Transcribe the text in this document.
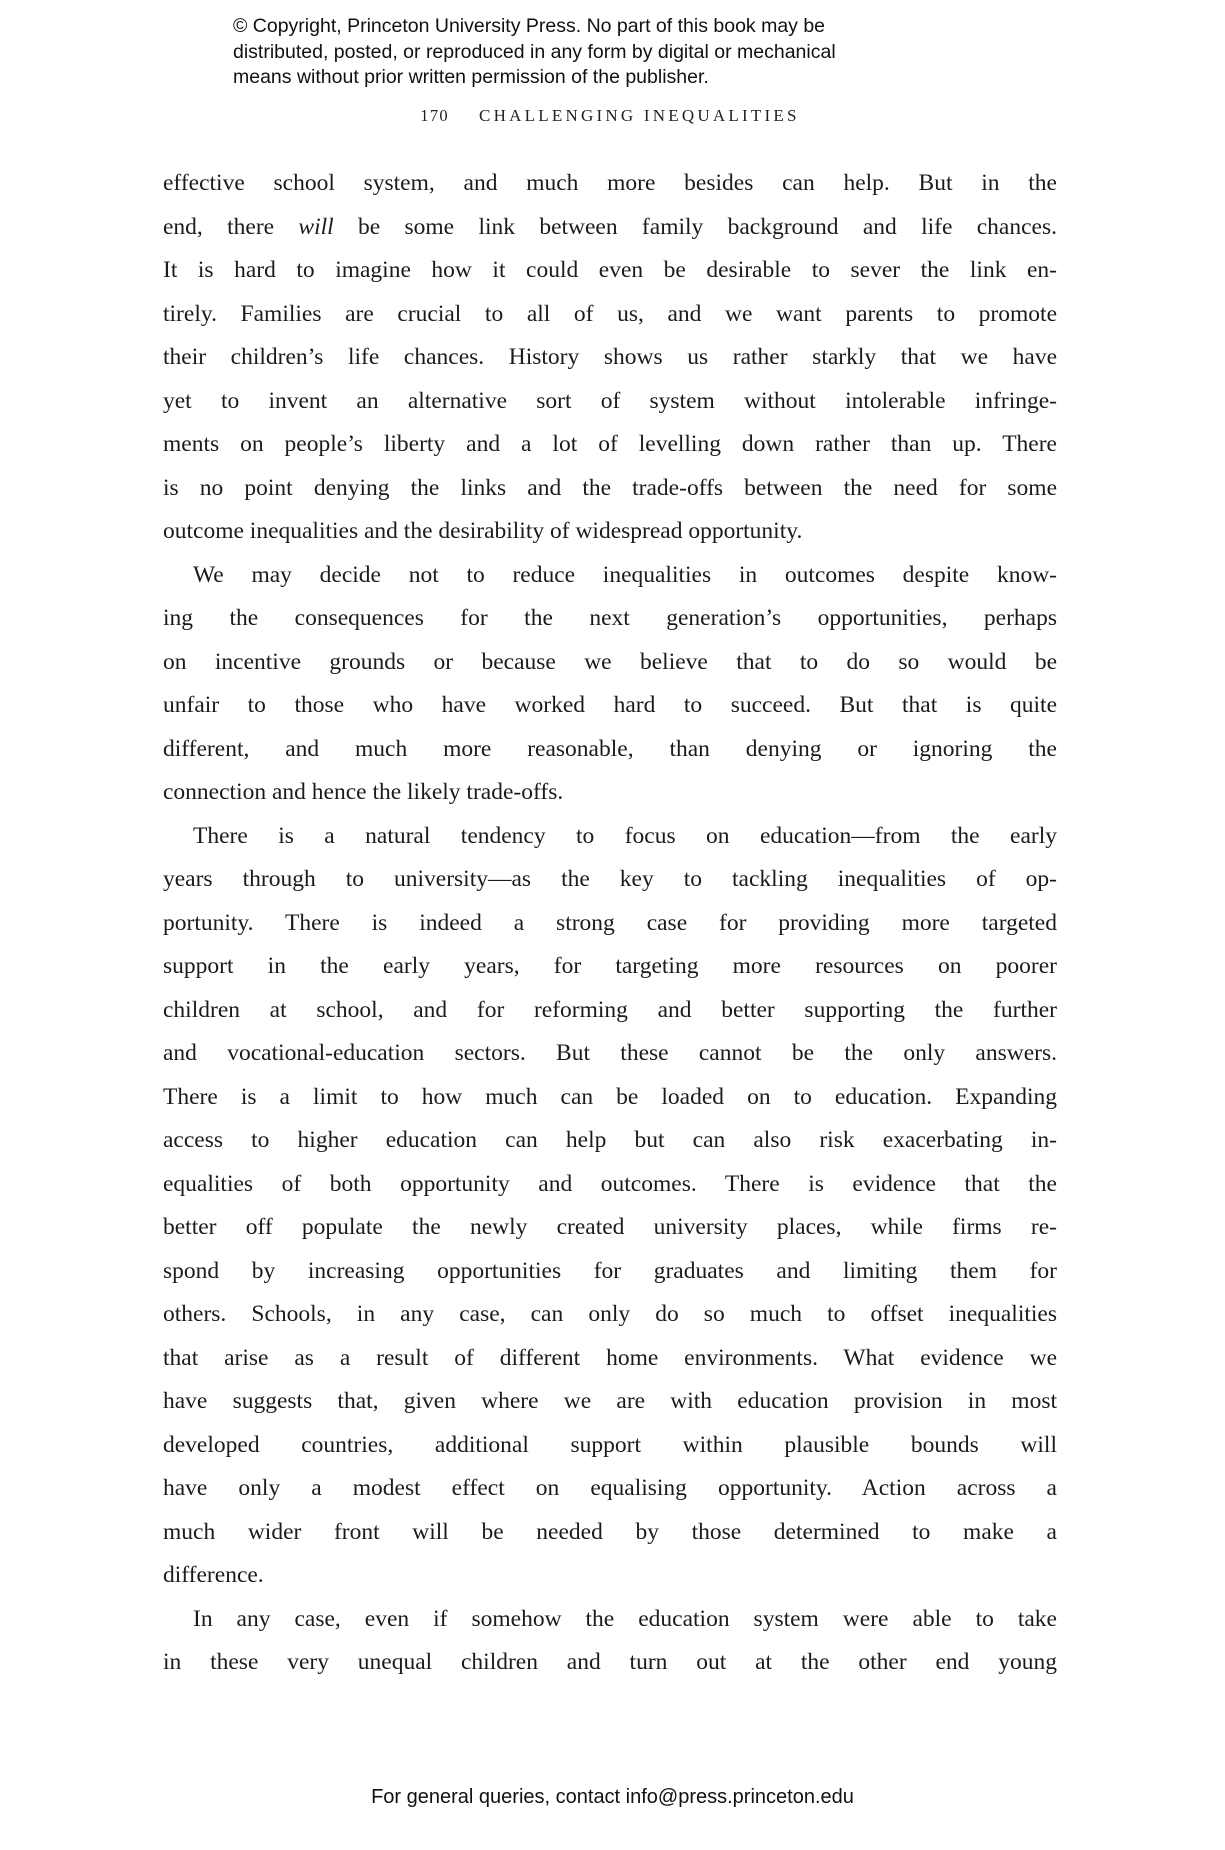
© Copyright, Princeton University Press. No part of this book may be
distributed, posted, or reproduced in any form by digital or mechanical
means without prior written permission of the publisher.
170 CHALLENGING INEQUALITIES
effective school system, and much more besides can help. But in the
end, there will be some link between family background and life chances.
It is hard to imagine how it could even be desirable to sever the link en-
tirely. Families are crucial to all of us, and we want parents to promote
their children’s life chances. History shows us rather starkly that we have
yet to invent an alternative sort of system without intolerable infringe-
ments on people’s liberty and a lot of levelling down rather than up. There
is no point denying the links and the trade-offs between the need for some
outcome inequalities and the desirability of widespread opportunity.
We may decide not to reduce inequalities in outcomes despite know-
ing the consequences for the next generation’s opportunities, perhaps
on incentive grounds or because we believe that to do so would be
unfair to those who have worked hard to succeed. But that is quite
different, and much more reasonable, than denying or ignoring the
connection and hence the likely trade-offs.
There is a natural tendency to focus on education—from the early
years through to university—as the key to tackling inequalities of op-
portunity. There is indeed a strong case for providing more targeted
support in the early years, for targeting more resources on poorer
children at school, and for reforming and better supporting the further
and vocational-education sectors. But these cannot be the only answers.
There is a limit to how much can be loaded on to education. Expanding
access to higher education can help but can also risk exacerbating in-
equalities of both opportunity and outcomes. There is evidence that the
better off populate the newly created university places, while firms re-
spond by increasing opportunities for graduates and limiting them for
others. Schools, in any case, can only do so much to offset inequalities
that arise as a result of different home environments. What evidence we
have suggests that, given where we are with education provision in most
developed countries, additional support within plausible bounds will
have only a modest effect on equalising opportunity. Action across a
much wider front will be needed by those determined to make a
difference.
In any case, even if somehow the education system were able to take
in these very unequal children and turn out at the other end young
For general queries, contact info@press.princeton.edu
